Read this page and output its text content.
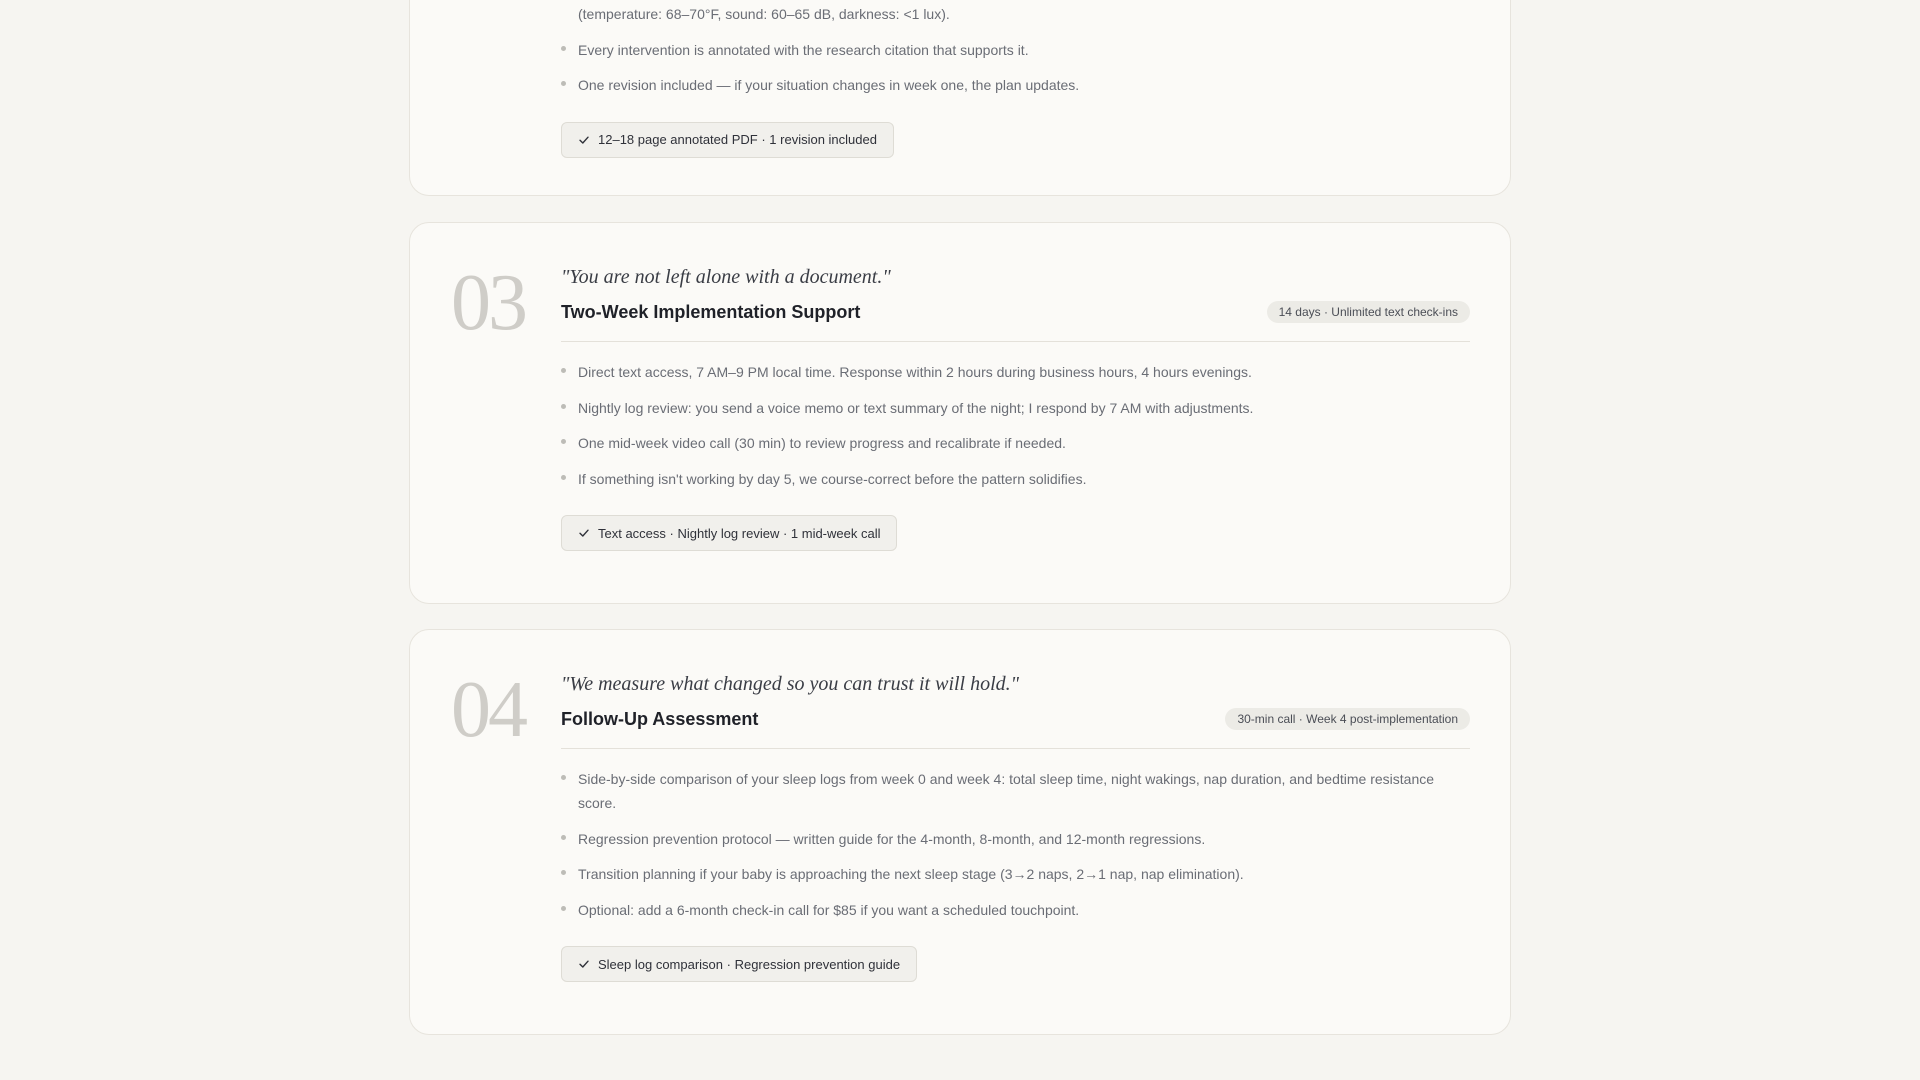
(temperature: 68–70°F, sound: 60–65 dB, darkness: <1 lux).
Every intervention is annotated with the research citation that supports it.
One revision included — if your situation changes in week one, the plan updates.
12–18 page annotated PDF · 1 revision included
03 "You are not left alone with a document."
Two-Week Implementation Support	14 days · Unlimited text check-ins
Direct text access, 7 AM–9 PM local time. Response within 2 hours during business hours, 4 hours evenings.
Nightly log review: you send a voice memo or text summary of the night; I respond by 7 AM with adjustments.
One mid-week video call (30 min) to review progress and recalibrate if needed.
If something isn't working by day 5, we course-correct before the pattern solidifies.
Text access · Nightly log review · 1 mid-week call
04 "We measure what changed so you can trust it will hold."
Follow-Up Assessment	30-min call · Week 4 post-implementation
Side-by-side comparison of your sleep logs from week 0 and week 4: total sleep time, night wakings, nap duration, and bedtime resistance score.
Regression prevention protocol — written guide for the 4-month, 8-month, and 12-month regressions.
Transition planning if your baby is approaching the next sleep stage (3→2 naps, 2→1 nap, nap elimination).
Optional: add a 6-month check-in call for $85 if you want a scheduled touchpoint.
Sleep log comparison · Regression prevention guide
